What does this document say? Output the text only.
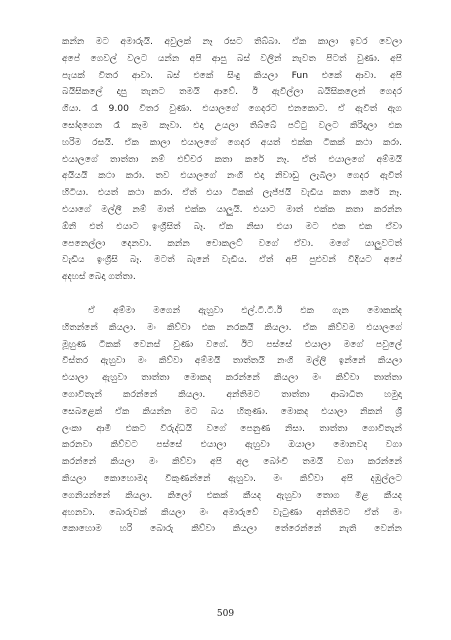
කන්න මට අමාරුයි. අවුලක් නෑ රසට තිබ්බා. ඒක කාලා ඉවර වෙලා
අපේ ගෙවල් වලට යන්න අපි ආපු බස් වලින් නැවත පිටත් වුණා. අපි
පැයක් විතර ආවා. බස් එකේ සිංදු කියලා Fun එකේ ආවා. අපි
බයිසිකලේ දාපු තැනට තමයි ආවේ. ඊ ඇවිල්ලා බයිසිකලෙන් ගෙදර
ගියා. රෑ 9.00 විතර වුණා. එයාලගේ ගෙදරට එනකොට. ඒ ඇවිත් ඇග
සෝදගෙන රෑ කෑම කෑවා. එදා උයලා තිබ්බේ පට්ටු වලට කිරිදාලා එක
හරිම රසයි. ඒක කාලා එයාලගේ ගෙදර අයත් එක්ක ටිකක් කථා කරා.
එයාලගේ තාත්තා නම් එච්චර කතා කරේ නෑ. ඒත් එයාලගේ අම්මයි
අයියයි කථා කරා. තව එයාලගේ නංගි එදා නිවාඩු ලැබිලා ගෙදර ඇවිත්
හිටියා. එයත් කථා කරා. ඒත් එයා ටිකක් ලැජ්ජයි වැඩිය කතා කරේ නෑ.
එයාගේ මල්ලී නම් මාත් එක්ක යාලුයි. එයාට මාත් එක්ක කතා කරන්න
ඕනි එත් එයාට ඉංග්‍රීසිත් බෑ. ඒක නිසා එයා මට එක එක ඒවා
පෙනෙල්ලා දෙනවා. කන්න චොකලට් වගේ ඒවා. මගේ යාලුවටත්
වැඩිය ඉංග්‍රීසි බෑ. මටත් බැනේ වැඩිය. ඒත් අපි පුළුවන් විදියට අපේ
අදහස් බෙදා ගත්තා.
ඒ අම්මා මගෙන් ඇහුවා එල්.ටී.ටී.ඊ එක ගැන මොකක්ද
හිතන්නේ කියලා. මං කිව්වා එක නරකයි කියලා. ඒක කිව්වම එයාලගේ
මූහුණ ටිකක් වෙනස් වුණා වගේ. ඊට පස්සේ එයාලා මගේ පවුලේ
විස්තර ඇහුවා මං කිව්වා අම්මයි තාත්තයි නංගි මල්ලි ඉන්නේ කියලා
එයාලා ඇහුවා තාත්තා මොකද කරන්නේ කියලා මං කිව්වා තාත්තා
ගොවිතැන් කරන්නේ කියලා. අන්තිමට තාත්තා ආබාධිත හමුදා
සෙබළෙක් ඒක කියන්න මට බය හිතුණා. මොකද එයාලා නිකන් ශ්‍රී
ලංකා ආමී එකට විරුද්ධයි වගේ පෙනුණ නිසා. තාත්තා ගොවිතැන්
කරනවා කිව්වට පස්සේ එයාලා ඇහුවා ඔයාලා මොනවද වගා
කරන්නේ කියලා මං කිව්වා අපි අල බෝංචි තමයි වගා කරන්නේ
කියලා කොහොමද විකුණන්නේ ඇහුවා. මං කිව්වා අපි දඹුල්ලට
ගෙනියන්නේ කියලා. කිලෝ එකක් කීයද ඇහුවා තොග මිළ කීයද
අහනවා. බොරුවක් කියලා මං අමාරුවේ වැටුණා අන්තිමට ඒත් මං
කොහොම හරි බොරු කිව්වා කියලා තේරෙන්නේ නැති වෙන්න
509
